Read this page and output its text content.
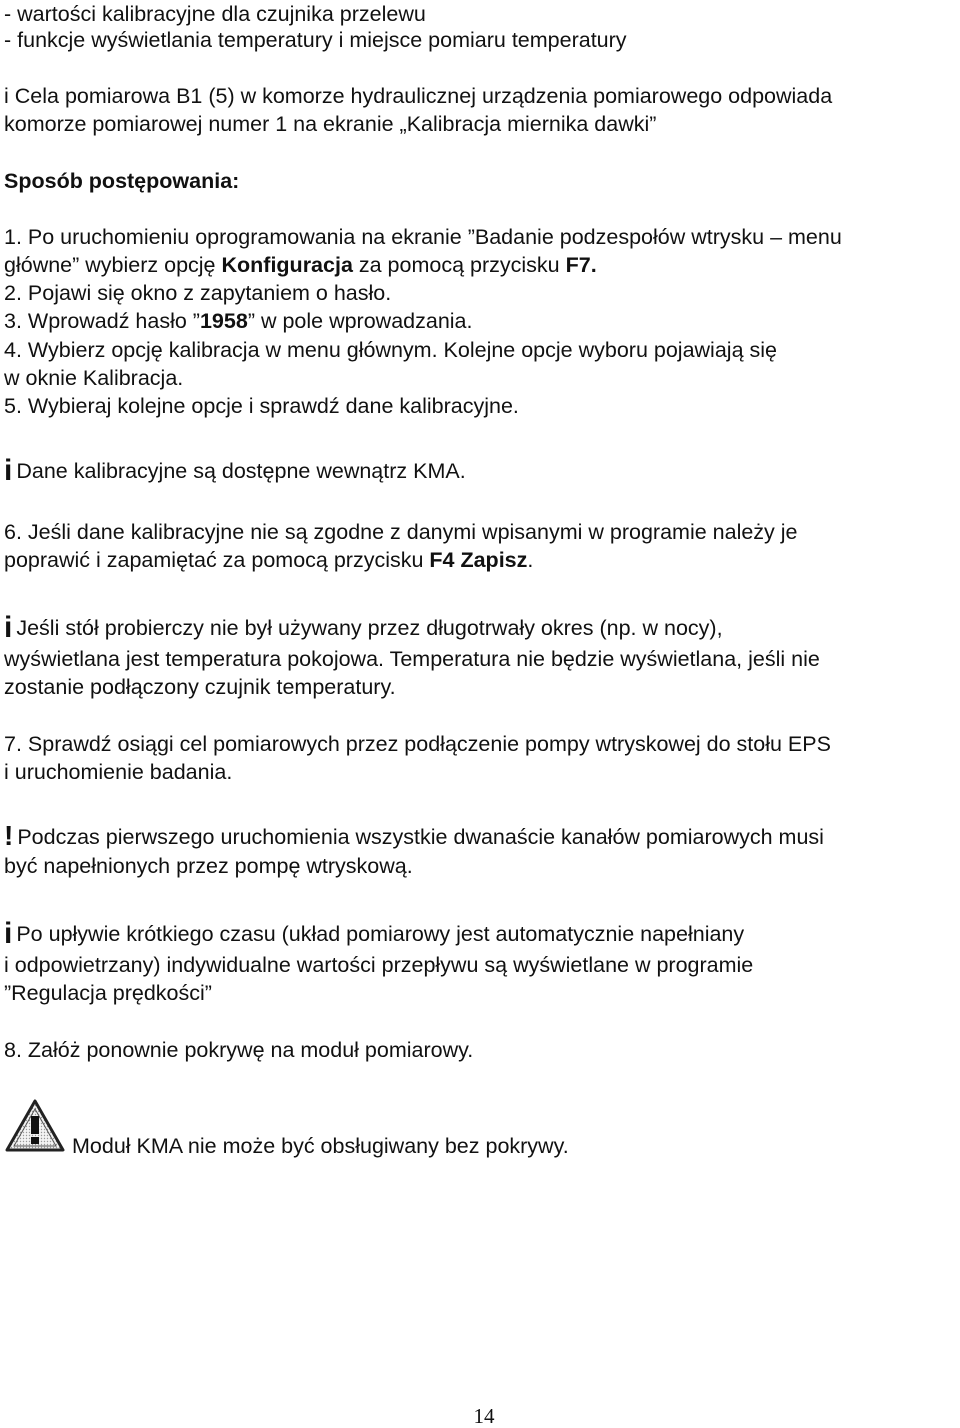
- wartości kalibracyjne dla czujnika przelewu
- funkcje wyświetlania temperatury i miejsce pomiaru temperatury
i Cela pomiarowa B1 (5) w komorze hydraulicznej urządzenia pomiarowego odpowiada
komorze pomiarowej numer 1 na ekranie „Kalibracja miernika dawki”
Sposób postępowania:
1. Po uruchomieniu oprogramowania na ekranie ”Badanie podzespołów wtrysku – menu
główne” wybierz opcję Konfiguracja za pomocą przycisku F7.
2. Pojawi się okno z zapytaniem o hasło.
3. Wprowadź hasło ”1958” w pole wprowadzania.
4. Wybierz opcję kalibracja w menu głównym. Kolejne opcje wyboru pojawiają się
w oknie Kalibracja.
5. Wybieraj kolejne opcje i sprawdź dane kalibracyjne.
i Dane kalibracyjne są dostępne wewnątrz KMA.
6. Jeśli dane kalibracyjne nie są zgodne z danymi wpisanymi w programie należy je
poprawić i zapamiętać za pomocą przycisku F4 Zapisz.
i Jeśli stół probierczy nie był używany przez długotrwały okres (np. w nocy),
wyświetlana jest temperatura pokojowa. Temperatura nie będzie wyświetlana, jeśli nie
zostanie podłączony czujnik temperatury.
7. Sprawdź osiągi cel pomiarowych przez podłączenie pompy wtryskowej do stołu EPS
i uruchomienie badania.
! Podczas pierwszego uruchomienia wszystkie dwanaście kanałów pomiarowych musi
być napełnionych przez pompę wtryskową.
i Po upływie krótkiego czasu (układ pomiarowy jest automatycznie napełniany
i odpowietrzany) indywidualne wartości przepływu są wyświetlane w programie
”Regulacja prędkości”
8. Załóż ponownie pokrywę na moduł pomiarowy.
Moduł KMA nie może być obsługiwany bez pokrywy.
14
